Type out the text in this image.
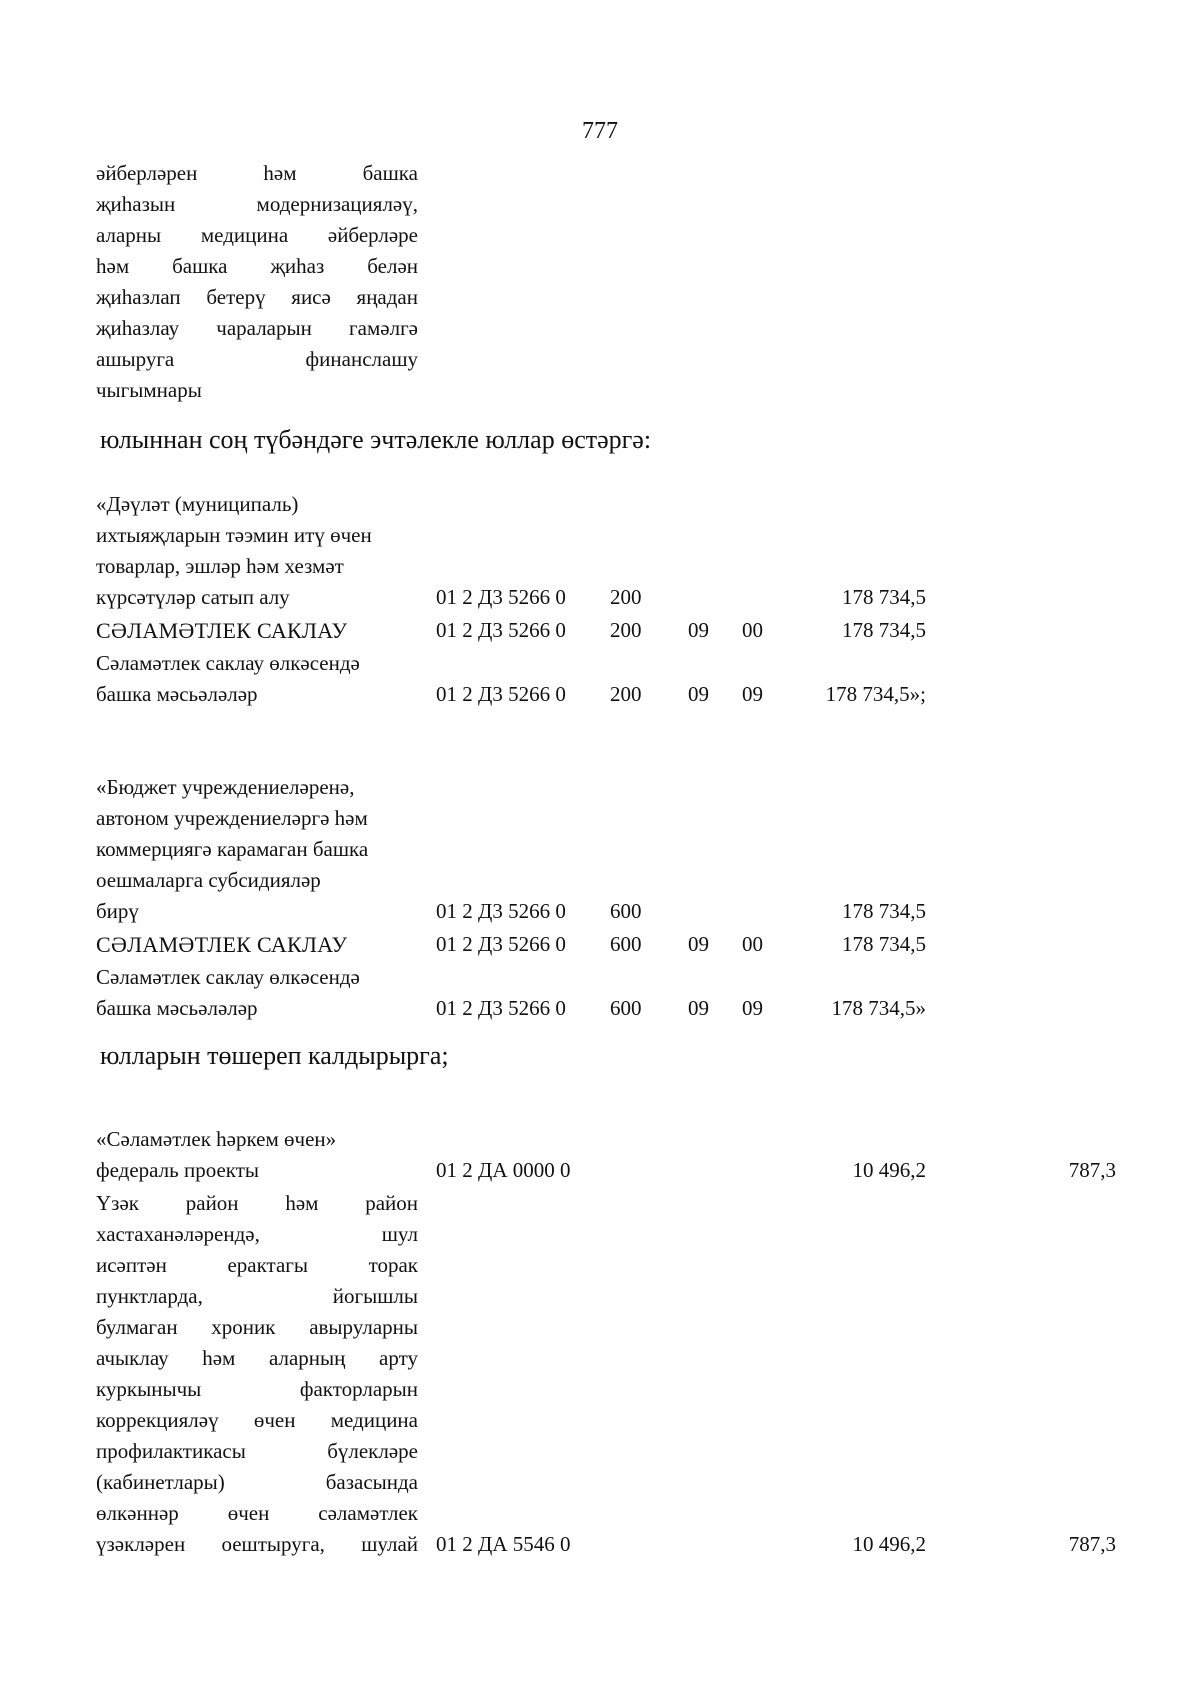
777
әйберләрен һәм башка
җиһазын модернизацияләү,
аларны медицина әйберләре
һәм башка җиһаз белән
җиһазлап бетерү яисә яңадан
җиһазлау чараларын гамәлгә
ашыруга финанслашу
чыгымнары
юлыннан соң түбәндәге эчтәлекле юллар өстәргә:
«Дәүләт (муниципаль)
ихтыяҗларын тәэмин итү өчен
товарлар, эшләр һәм хезмәт
күрсәтүләр сатып алу	01 2 Д3 5266 0 200	178 734,5
СӘЛАМӘТЛЕК САКЛАУ	01 2 Д3 5266 0 200 09 00	178 734,5
Сәламәтлек саклау өлкәсендә
башка мәсьәләләр	01 2 Д3 5266 0 200 09 09	178 734,5»;
«Бюджет учреждениеләренә,
автоном учреждениеләргә һәм
коммерциягә карамаган башка
оешмаларга субсидияләр
бирү	01 2 Д3 5266 0 600	178 734,5
СӘЛАМӘТЛЕК САКЛАУ	01 2 Д3 5266 0 600 09 00	178 734,5
Сәламәтлек саклау өлкәсендә
башка мәсьәләләр	01 2 Д3 5266 0 600 09 09	178 734,5»
юлларын төшереп калдырырга;
«Сәламәтлек һәркем өчен»
федераль проекты	01 2 ДА 0000 0	10 496,2	787,3
Үзәк район һәм район
хастаханәләрендә, шул
исәптән ерактагы торак
пунктларда, йогышлы
булмаган хроник авыруларны
ачыклау һәм аларның арту
куркынычы факторларын
коррекцияләү өчен медицина
профилактикасы бүлекләре
(кабинетлары) базасында
өлкәннәр өчен сәламәтлек
үзәкләрен оештыруга, шулай 01 2 ДА 5546 0	10 496,2	787,3
